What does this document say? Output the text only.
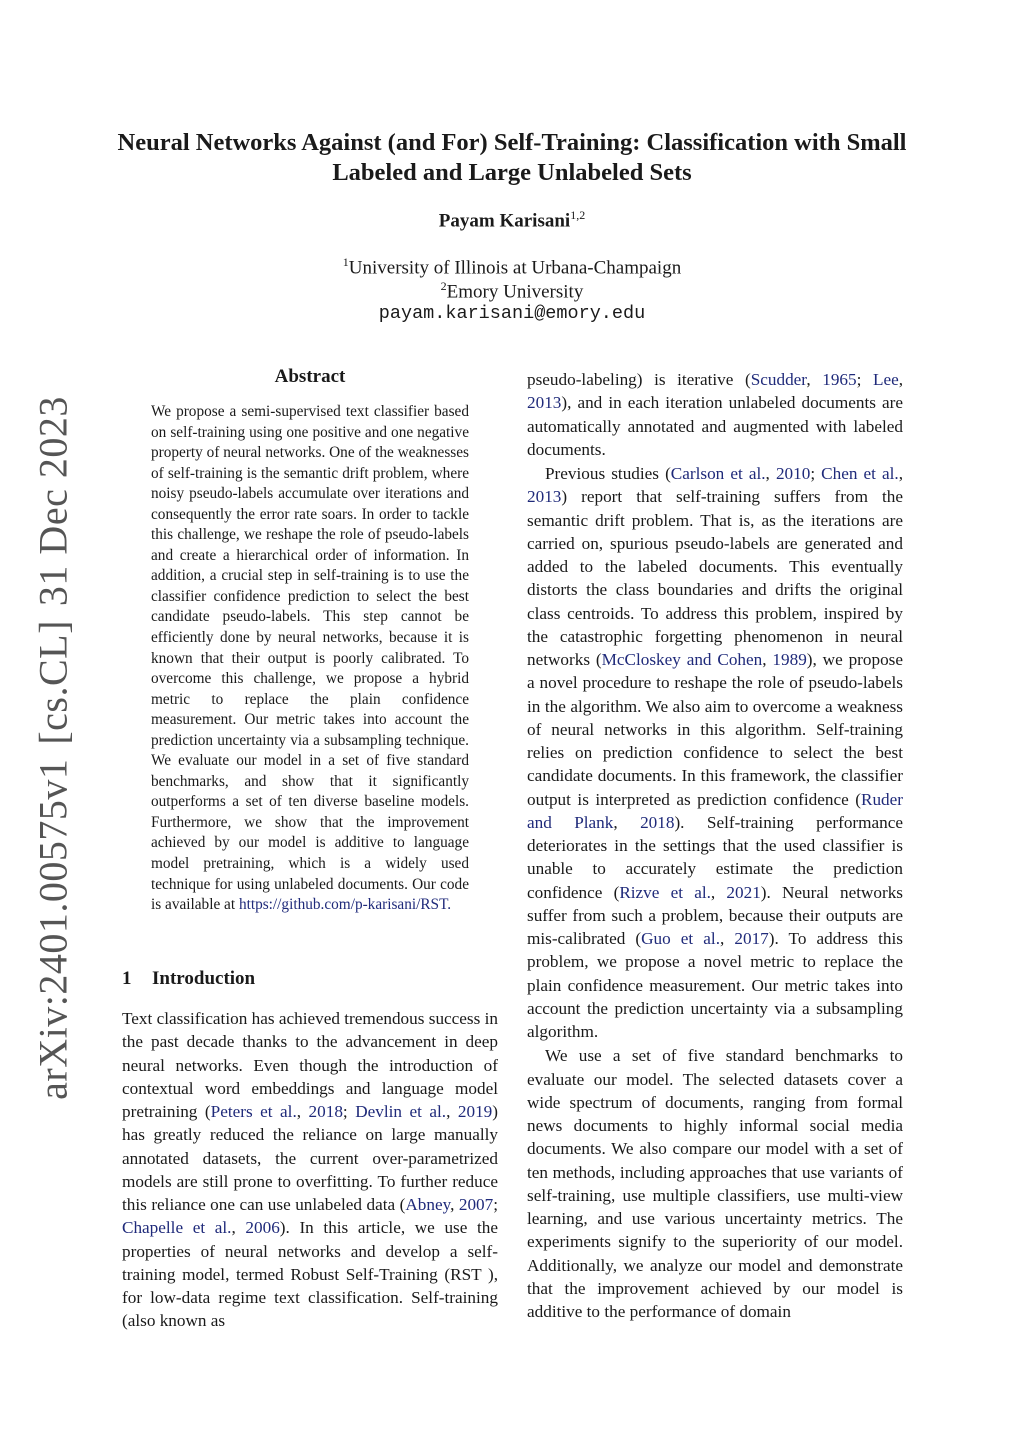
arXiv:2401.00575v1[cs.CL]31 Dec 2023
Neural Networks Against (and For) Self-Training: Classification with Small Labeled and Large Unlabeled Sets
Payam Karisani$^{1,2}$
$^1$University of Illinois at Urbana-Champaign
$^2$Emory University
payam.karisani@emory.edu
Abstract
We propose a semi-supervised text classifier based on self-training using one positive and one negative property of neural networks. One of the weaknesses of self-training is the semantic drift problem, where noisy pseudo-labels accumulate over iterations and consequently the error rate soars. In order to tackle this challenge, we reshape the role of pseudo-labels and create a hierarchical order of information. In addition, a crucial step in self-training is to use the classifier confidence prediction to select the best candidate pseudo-labels. This step cannot be efficiently done by neural networks, because it is known that their output is poorly calibrated. To overcome this challenge, we propose a hybrid metric to replace the plain confidence measurement. Our metric takes into account the prediction uncertainty via a subsampling technique. We evaluate our model in a set of five standard benchmarks, and show that it significantly outperforms a set of ten diverse baseline models. Furthermore, we show that the improvement achieved by our model is additive to language model pretraining, which is a widely used technique for using unlabeled documents. Our code is available at https://github.com/p-karisani/RST.
1 Introduction
Text classification has achieved tremendous success in the past decade thanks to the advancement in deep neural networks. Even though the introduction of contextual word embeddings and language model pretraining (Peters et al., 2018; Devlin et al., 2019) has greatly reduced the reliance on large manually annotated datasets, the current over-parametrized models are still prone to overfitting. To further reduce this reliance one can use unlabeled data (Abney, 2007; Chapelle et al., 2006). In this article, we use the properties of neural networks and develop a self-training model, termed Robust Self-Training (RST ), for low-data regime text classification. Self-training (also known as

pseudo-labeling) is iterative (Scudder, 1965; Lee, 2013), and in each iteration unlabeled documents are automatically annotated and augmented with labeled documents.

Previous studies (Carlson et al., 2010; Chen et al., 2013) report that self-training suffers from the semantic drift problem. That is, as the iterations are carried on, spurious pseudo-labels are generated and added to the labeled documents. This eventually distorts the class boundaries and drifts the original class centroids. To address this problem, inspired by the catastrophic forgetting phenomenon in neural networks (McCloskey and Cohen, 1989), we propose a novel procedure to reshape the role of pseudo-labels in the algorithm. We also aim to overcome a weakness of neural networks in this algorithm. Self-training relies on prediction confidence to select the best candidate documents. In this framework, the classifier output is interpreted as prediction confidence (Ruder and Plank, 2018). Self-training performance deteriorates in the settings that the used classifier is unable to accurately estimate the prediction confidence (Rizve et al., 2021). Neural networks suffer from such a problem, because their outputs are mis-calibrated (Guo et al., 2017). To address this problem, we propose a novel metric to replace the plain confidence measurement. Our metric takes into account the prediction uncertainty via a subsampling algorithm.

We use a set of five standard benchmarks to evaluate our model. The selected datasets cover a wide spectrum of documents, ranging from formal news documents to highly informal social media documents. We also compare our model with a set of ten methods, including approaches that use variants of self-training, use multiple classifiers, use multi-view learning, and use various uncertainty metrics. The experiments signify to the superiority of our model. Additionally, we analyze our model and demonstrate that the improvement achieved by our model is additive to the performance of domain
